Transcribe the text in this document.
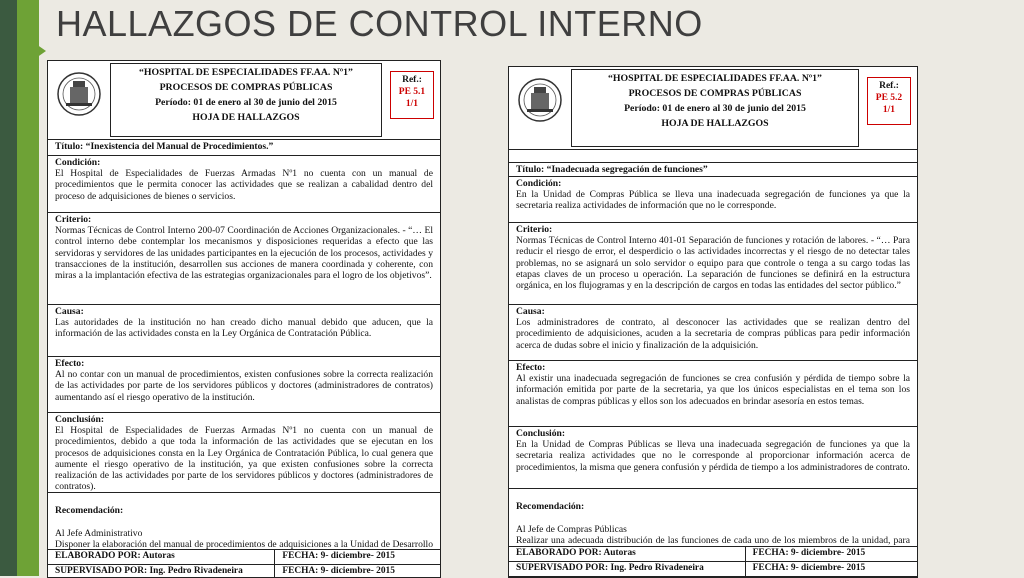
HALLAZGOS DE CONTROL INTERNO
“HOSPITAL DE ESPECIALIDADES FF.AA. Nº1”
PROCESOS DE COMPRAS PÚBLICAS
Período: 01 de enero al 30 de junio del 2015
HOJA DE HALLAZGOS
Ref.:
PE 5.1
1/1
Título: “Inexistencia del Manual de Procedimientos.”
Condición:
El Hospital de Especialidades de Fuerzas Armadas Nº1 no cuenta con un manual de procedimientos que le permita conocer las actividades que se realizan a cabalidad dentro del proceso de adquisiciones de bienes o servicios.
Criterio:
Normas Técnicas de Control Interno 200-07 Coordinación de Acciones Organizacionales. - “… El control interno debe contemplar los mecanismos y disposiciones requeridas a efecto que las servidoras y servidores de las unidades participantes en la ejecución de los procesos, actividades y transacciones de la institución, desarrollen sus acciones de manera coordinada y coherente, con miras a la implantación efectiva de las estrategias organizacionales para el logro de los objetivos”.
Causa:
Las autoridades de la institución no han creado dicho manual debido que aducen, que la información de las actividades consta en la Ley Orgánica de Contratación Pública.
Efecto:
Al no contar con un manual de procedimientos, existen confusiones sobre la correcta realización de las actividades por parte de los servidores públicos y doctores (administradores de contratos) aumentando así el riesgo operativo de la institución.
Conclusión:
El Hospital de Especialidades de Fuerzas Armadas Nº1 no cuenta con un manual de procedimientos, debido a que toda la información de las actividades que se ejecutan en los procesos de adquisiciones consta en la Ley Orgánica de Contratación Pública, lo cual genera que aumente el riesgo operativo de la institución, ya que existen confusiones sobre la correcta realización de las actividades por parte de los servidores públicos y doctores (administradores de contratos).

Recomendación:

Al Jefe Administrativo
Disponer la elaboración del manual de procedimientos de adquisiciones a la Unidad de Desarrollo

ELABORADO POR: Autoras	FECHA: 9- diciembre- 2015
SUPERVISADO POR: Ing. Pedro Rivadeneira	FECHA: 9- diciembre- 2015
“HOSPITAL DE ESPECIALIDADES FF.AA. Nº1”
PROCESOS DE COMPRAS PÚBLICAS
Período: 01 de enero al 30 de junio del 2015
HOJA DE HALLAZGOS
Ref.:
PE 5.2
1/1
Título: “Inadecuada segregación de funciones”
Condición:
En la Unidad de Compras Pública se lleva una inadecuada segregación de funciones ya que la secretaria realiza actividades de información que no le corresponde.
Criterio:
Normas Técnicas de Control Interno 401-01 Separación de funciones y rotación de labores. - “… Para reducir el riesgo de error, el desperdicio o las actividades incorrectas y el riesgo de no detectar tales problemas, no se asignará un solo servidor o equipo para que controle o tenga a su cargo todas las etapas claves de un proceso u operación. La separación de funciones se definirá en la estructura orgánica, en los flujogramas y en la descripción de cargos en todas las entidades del sector público.”
Causa:
Los administradores de contrato, al desconocer las actividades que se realizan dentro del procedimiento de adquisiciones, acuden a la secretaria de compras públicas para pedir información acerca de dudas sobre el inicio y finalización de la adquisición.
Efecto:
Al existir una inadecuada segregación de funciones se crea confusión y pérdida de tiempo sobre la información emitida por parte de la secretaria, ya que los únicos especialistas en el tema son los analistas de compras públicas y ellos son los adecuados en brindar asesoría en estos temas.
Conclusión:
En la Unidad de Compras Públicas se lleva una inadecuada segregación de funciones ya que la secretaria realiza actividades que no le corresponde al proporcionar información acerca de procedimientos, la misma que genera confusión y pérdida de tiempo a los administradores de contrato.

Recomendación:

Al Jefe de Compras Públicas
Realizar una adecuada distribución de las funciones de cada uno de los miembros de la unidad, para

ELABORADO POR: Autoras	FECHA: 9- diciembre- 2015
SUPERVISADO POR: Ing. Pedro Rivadeneira	FECHA: 9- diciembre- 2015
